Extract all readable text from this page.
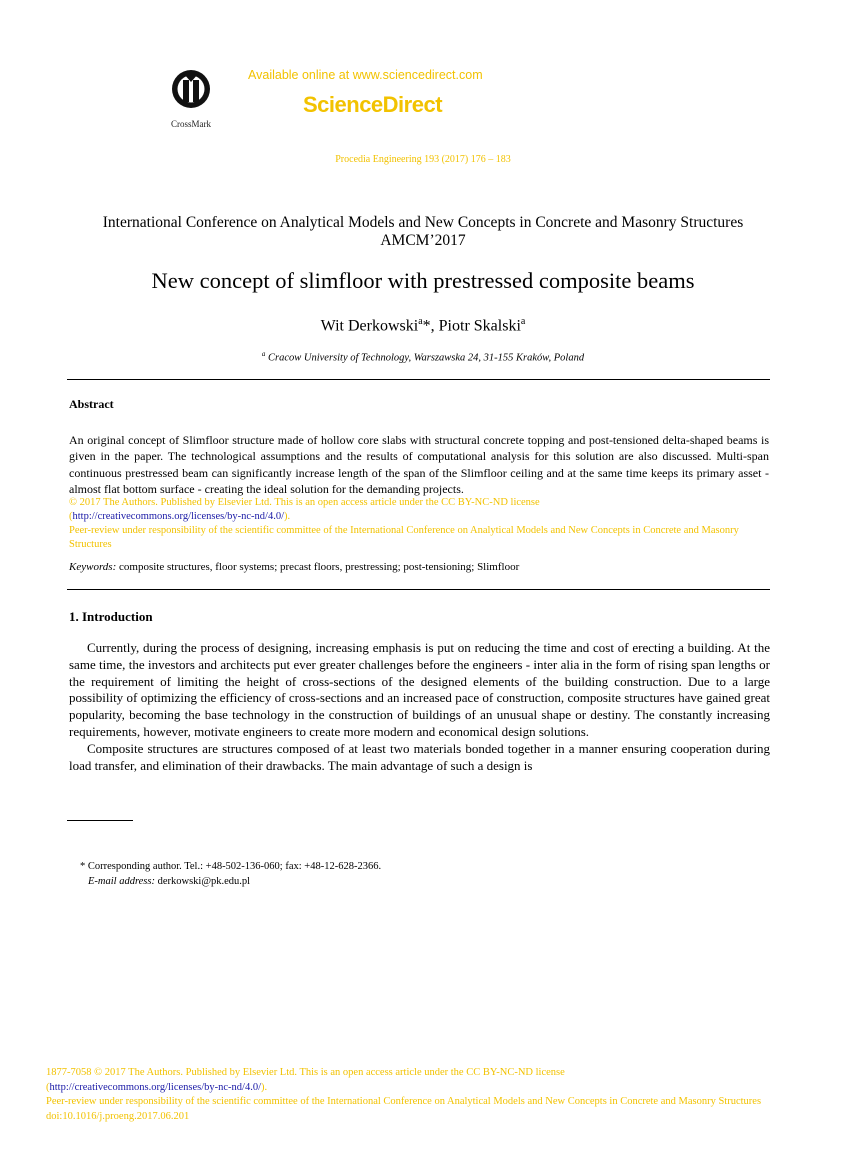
CrossMark
Available online at www.sciencedirect.com
ScienceDirect
Procedia Engineering 193 (2017) 176 – 183
International Conference on Analytical Models and New Concepts in Concrete and Masonry Structures AMCM’2017
New concept of slimfloor with prestressed composite beams
Wit Derkowski$^a$*, Piotr Skalski$^a$
$^a$ Cracow University of Technology, Warszawska 24, 31-155 Kraków, Poland
Abstract
An original concept of Slimfloor structure made of hollow core slabs with structural concrete topping and post-tensioned delta-shaped beams is given in the paper. The technological assumptions and the results of computational analysis for this solution are also discussed. Multi-span continuous prestressed beam can significantly increase length of the span of the Slimfloor ceiling and at the same time keeps its primary asset - almost flat bottom surface - creating the ideal solution for the demanding projects.
© 2017 The Authors. Published by Elsevier Ltd. This is an open access article under the CC BY-NC-ND license
(http://creativecommons.org/licenses/by-nc-nd/4.0/).
Peer-review under responsibility of the scientific committee of the International Conference on Analytical Models and New Concepts in Concrete and Masonry Structures
Keywords: composite structures, floor systems; precast floors, prestressing; post-tensioning; Slimfloor
1. Introduction

Currently, during the process of designing, increasing emphasis is put on reducing the time and cost of erecting a building. At the same time, the investors and architects put ever greater challenges before the engineers - inter alia in the form of rising span lengths or the requirement of limiting the height of cross-sections of the designed elements of the building construction. Due to a large possibility of optimizing the efficiency of cross-sections and an increased pace of construction, composite structures have gained great popularity, becoming the base technology in the construction of buildings of an unusual shape or destiny. The constantly increasing requirements, however, motivate engineers to create more modern and economical design solutions.

Composite structures are structures composed of at least two materials bonded together in a manner ensuring cooperation during load transfer, and elimination of their drawbacks. The main advantage of such a design is

* Corresponding author. Tel.: +48-502-136-060; fax: +48-12-628-2366.
E-mail address: derkowski@pk.edu.pl
1877-7058 © 2017 The Authors. Published by Elsevier Ltd. This is an open access article under the CC BY-NC-ND license
(http://creativecommons.org/licenses/by-nc-nd/4.0/).
Peer-review under responsibility of the scientific committee of the International Conference on Analytical Models and New Concepts in Concrete and Masonry Structures
doi:10.1016/j.proeng.2017.06.201
